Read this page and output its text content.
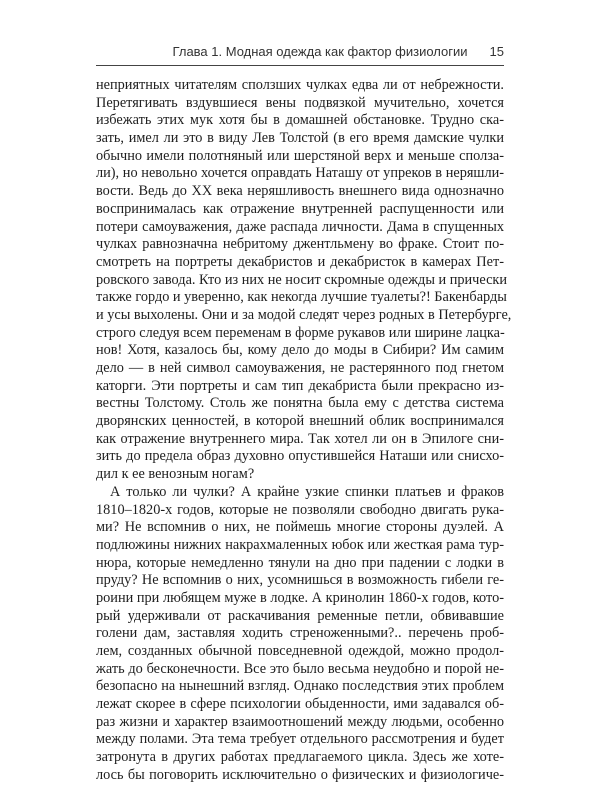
Глава 1. Модная одежда как фактор физиологии 15
неприятных читателям сползших чулках едва ли от небрежности.
Перетягивать вздувшиеся вены подвязкой мучительно, хочется
избежать этих мук хотя бы в домашней обстановке. Трудно ска-
зать, имел ли это в виду Лев Толстой (в его время дамские чулки
обычно имели полотняный или шерстяной верх и меньше сполза-
ли), но невольно хочется оправдать Наташу от упреков в неряшли-
вости. Ведь до XX века неряшливость внешнего вида однозначно
воспринималась как отражение внутренней распущенности или
потери самоуважения, даже распада личности. Дама в спущенных
чулках равнозначна небритому джентльмену во фраке. Стоит по-
смотреть на портреты декабристов и декабристок в камерах Пет-
ровского завода. Кто из них не носит скромные одежды и прически
также гордо и уверенно, как некогда лучшие туалеты?! Бакенбарды
и усы выхолены. Они и за модой следят через родных в Петербурге,
строго следуя всем переменам в форме рукавов или ширине лацка-
нов! Хотя, казалось бы, кому дело до моды в Сибири? Им самим
дело — в ней символ самоуважения, не растерянного под гнетом
каторги. Эти портреты и сам тип декабриста были прекрасно из-
вестны Толстому. Столь же понятна была ему с детства система
дворянских ценностей, в которой внешний облик воспринимался
как отражение внутреннего мира. Так хотел ли он в Эпилоге сни-
зить до предела образ духовно опустившейся Наташи или снисхо-
дил к ее венозным ногам?
А только ли чулки? А крайне узкие спинки платьев и фраков
1810–1820-х годов, которые не позволяли свободно двигать рука-
ми? Не вспомнив о них, не поймешь многие стороны дуэлей. А
подлюжины нижних накрахмаленных юбок или жесткая рама тур-
нюра, которые немедленно тянули на дно при падении с лодки в
пруду? Не вспомнив о них, усомнишься в возможность гибели ге-
роини при любящем муже в лодке. А кринолин 1860-х годов, кото-
рый удерживали от раскачивания ременные петли, обвивавшие
голени дам, заставляя ходить стреноженными?.. перечень проб-
лем, созданных обычной повседневной одеждой, можно продол-
жать до бесконечности. Все это было весьма неудобно и порой не-
безопасно на нынешний взгляд. Однако последствия этих проблем
лежат скорее в сфере психологии обыденности, ими задавался об-
раз жизни и характер взаимоотношений между людьми, особенно
между полами. Эта тема требует отдельного рассмотрения и будет
затронута в других работах предлагаемого цикла. Здесь же хоте-
лось бы поговорить исключительно о физических и физиологиче-
